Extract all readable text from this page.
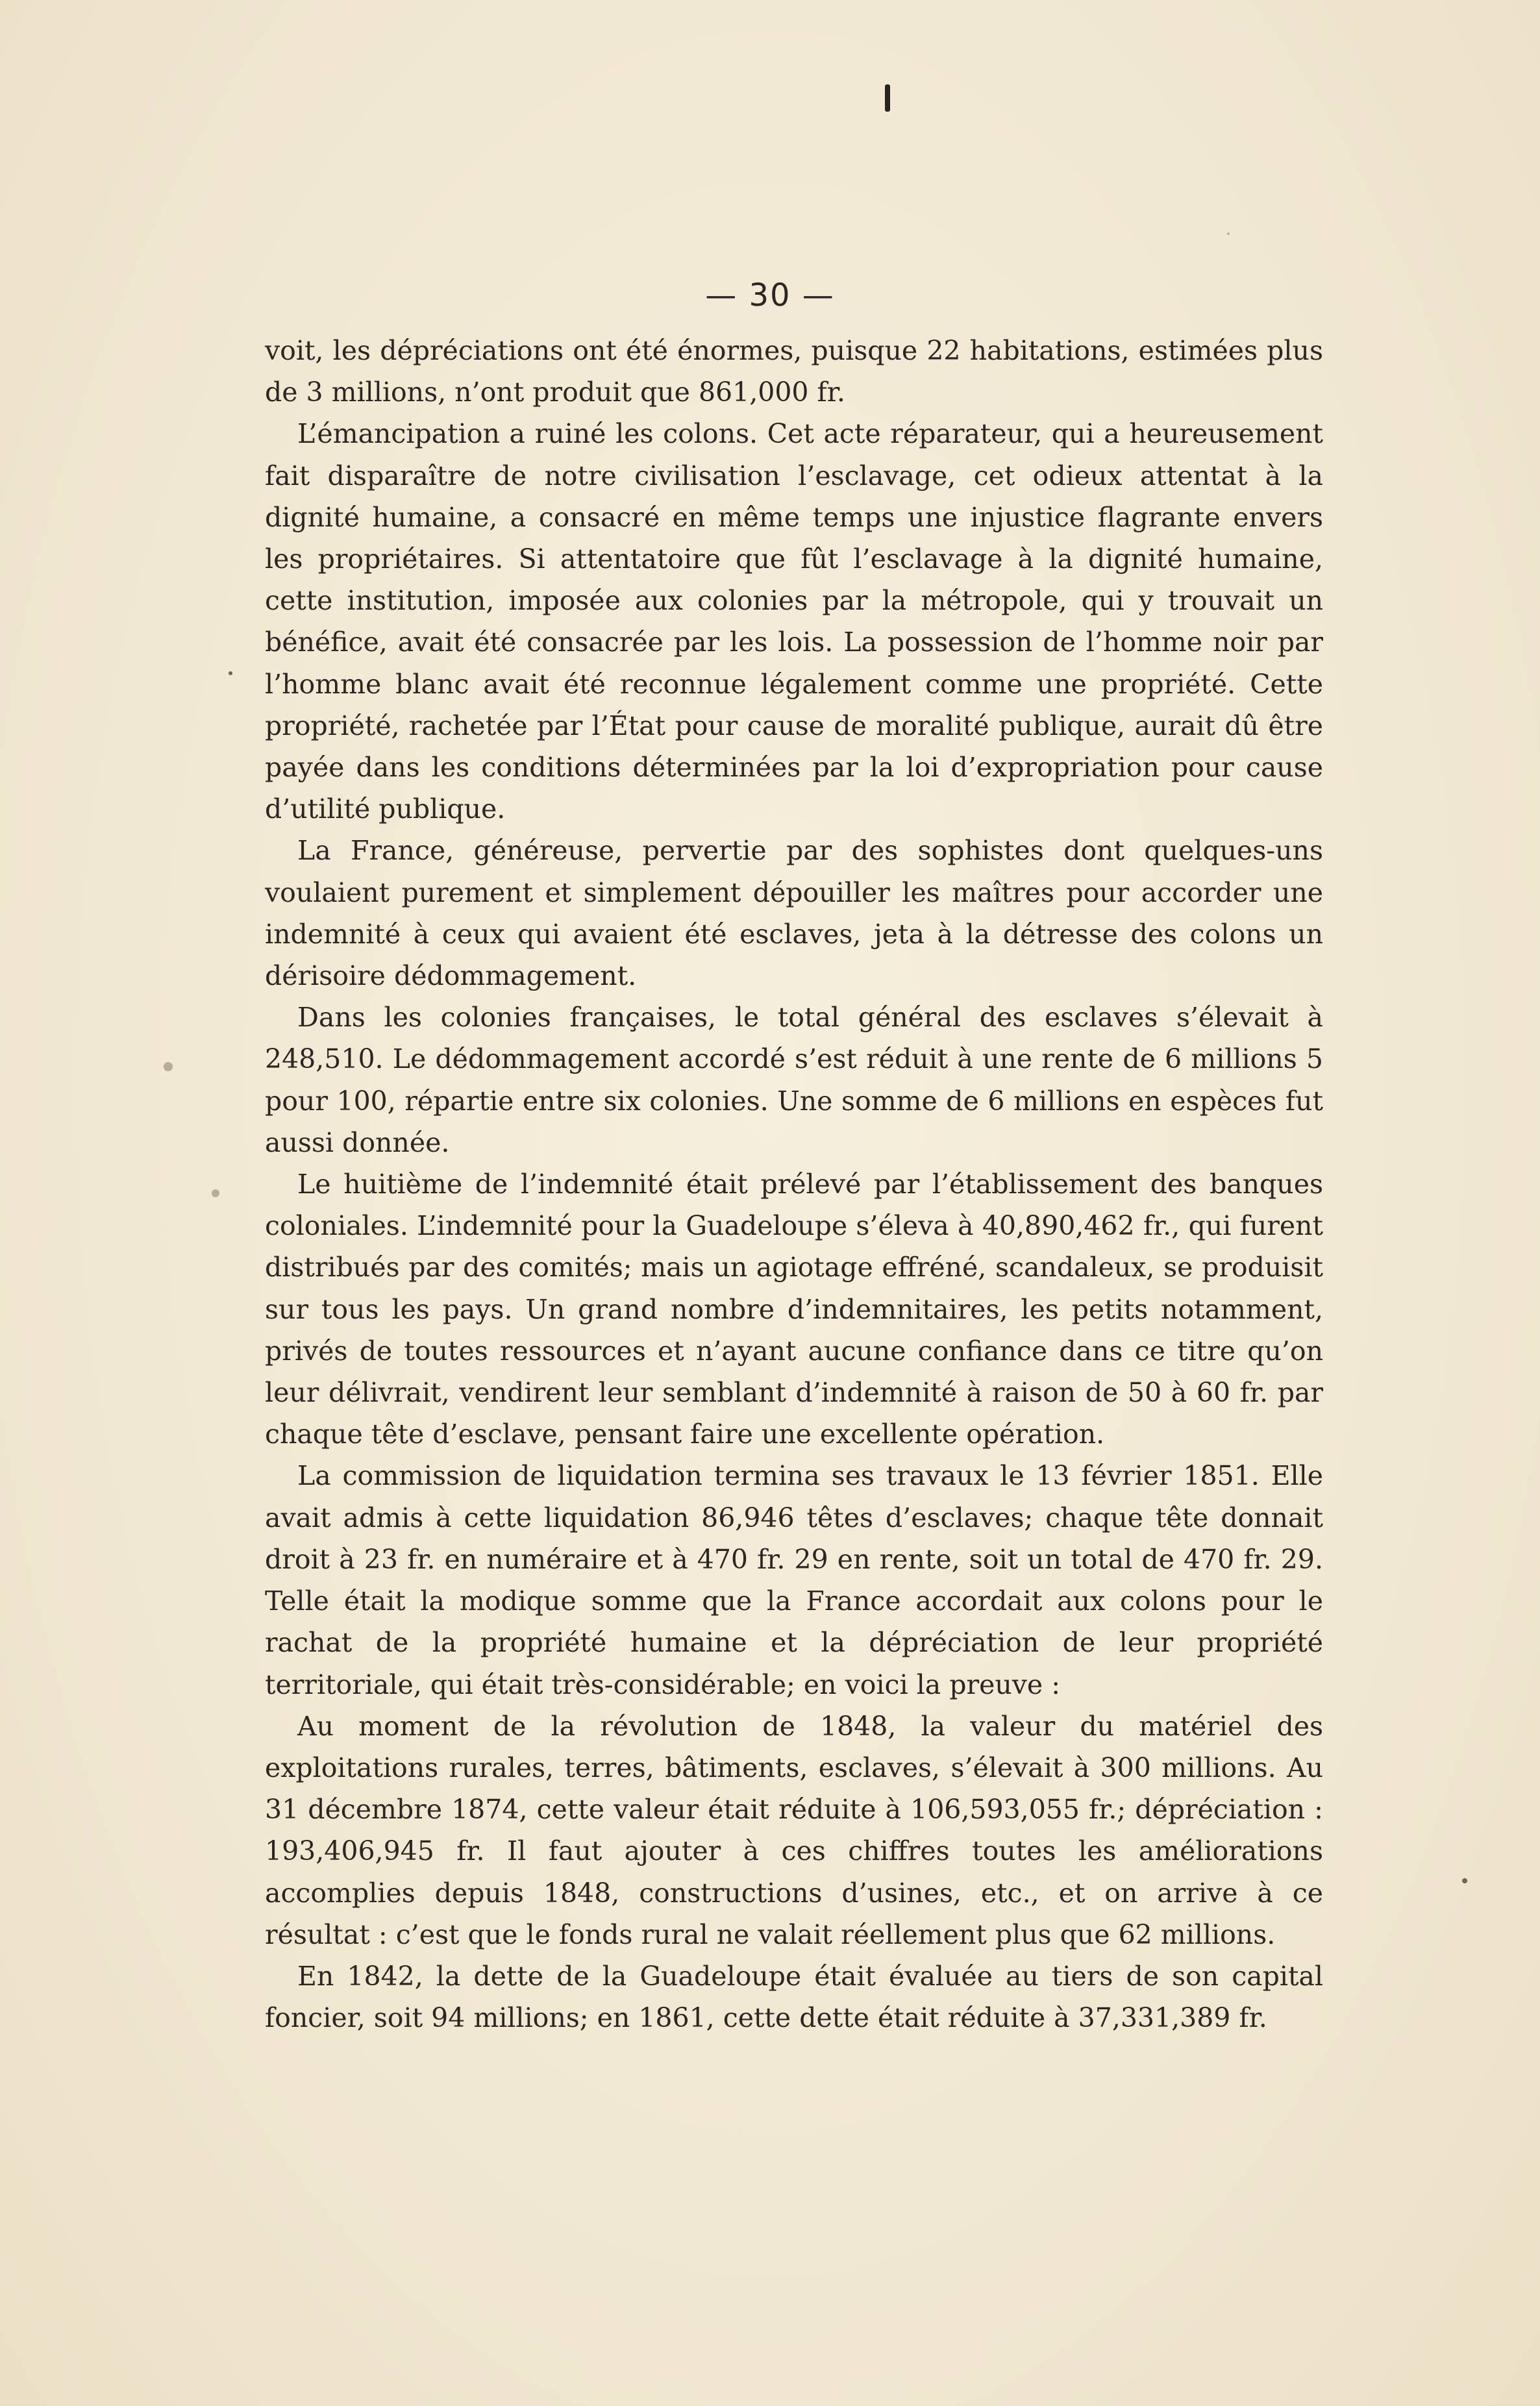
— 30 —

voit, les dépréciations ont été énormes, puisque 22 habitations, estimées plus de 3 millions, n’ont produit que 861,000 fr.

L’émancipation a ruiné les colons. Cet acte réparateur, qui a heureusement fait disparaître de notre civilisation l’esclavage, cet odieux attentat à la dignité humaine, a consacré en même temps une injustice flagrante envers les propriétaires. Si attentatoire que fût l’esclavage à la dignité humaine, cette institution, imposée aux colonies par la métropole, qui y trouvait un bénéfice, avait été consacrée par les lois. La possession de l’homme noir par l’homme blanc avait été reconnue légalement comme une propriété. Cette propriété, rachetée par l’État pour cause de moralité publique, aurait dû être payée dans les conditions déterminées par la loi d’expropriation pour cause d’utilité publique.

La France, généreuse, pervertie par des sophistes dont quelques-uns voulaient purement et simplement dépouiller les maîtres pour accorder une indemnité à ceux qui avaient été esclaves, jeta à la détresse des colons un dérisoire dédommagement.

Dans les colonies françaises, le total général des esclaves s’élevait à 248,510. Le dédommagement accordé s’est réduit à une rente de 6 millions 5 pour 100, répartie entre six colonies. Une somme de 6 millions en espèces fut aussi donnée.

Le huitième de l’indemnité était prélevé par l’établissement des banques coloniales. L’indemnité pour la Guadeloupe s’éleva à 40,890,462 fr., qui furent distribués par des comités; mais un agiotage effréné, scandaleux, se produisit sur tous les pays. Un grand nombre d’indemnitaires, les petits notamment, privés de toutes ressources et n’ayant aucune confiance dans ce titre qu’on leur délivrait, vendirent leur semblant d’indemnité à raison de 50 à 60 fr. par chaque tête d’esclave, pensant faire une excellente opération.

La commission de liquidation termina ses travaux le 13 février 1851. Elle avait admis à cette liquidation 86,946 têtes d’esclaves; chaque tête donnait droit à 23 fr. en numéraire et à 470 fr. 29 en rente, soit un total de 470 fr. 29. Telle était la modique somme que la France accordait aux colons pour le rachat de la propriété humaine et la dépréciation de leur propriété territoriale, qui était très-considérable; en voici la preuve :

Au moment de la révolution de 1848, la valeur du matériel des exploitations rurales, terres, bâtiments, esclaves, s’élevait à 300 millions. Au 31 décembre 1874, cette valeur était réduite à 106,593,055 fr.; dépréciation : 193,406,945 fr. Il faut ajouter à ces chiffres toutes les améliorations accomplies depuis 1848, constructions d’usines, etc., et on arrive à ce résultat : c’est que le fonds rural ne valait réellement plus que 62 millions.

En 1842, la dette de la Guadeloupe était évaluée au tiers de son capital foncier, soit 94 millions; en 1861, cette dette était réduite à 37,331,389 fr.
